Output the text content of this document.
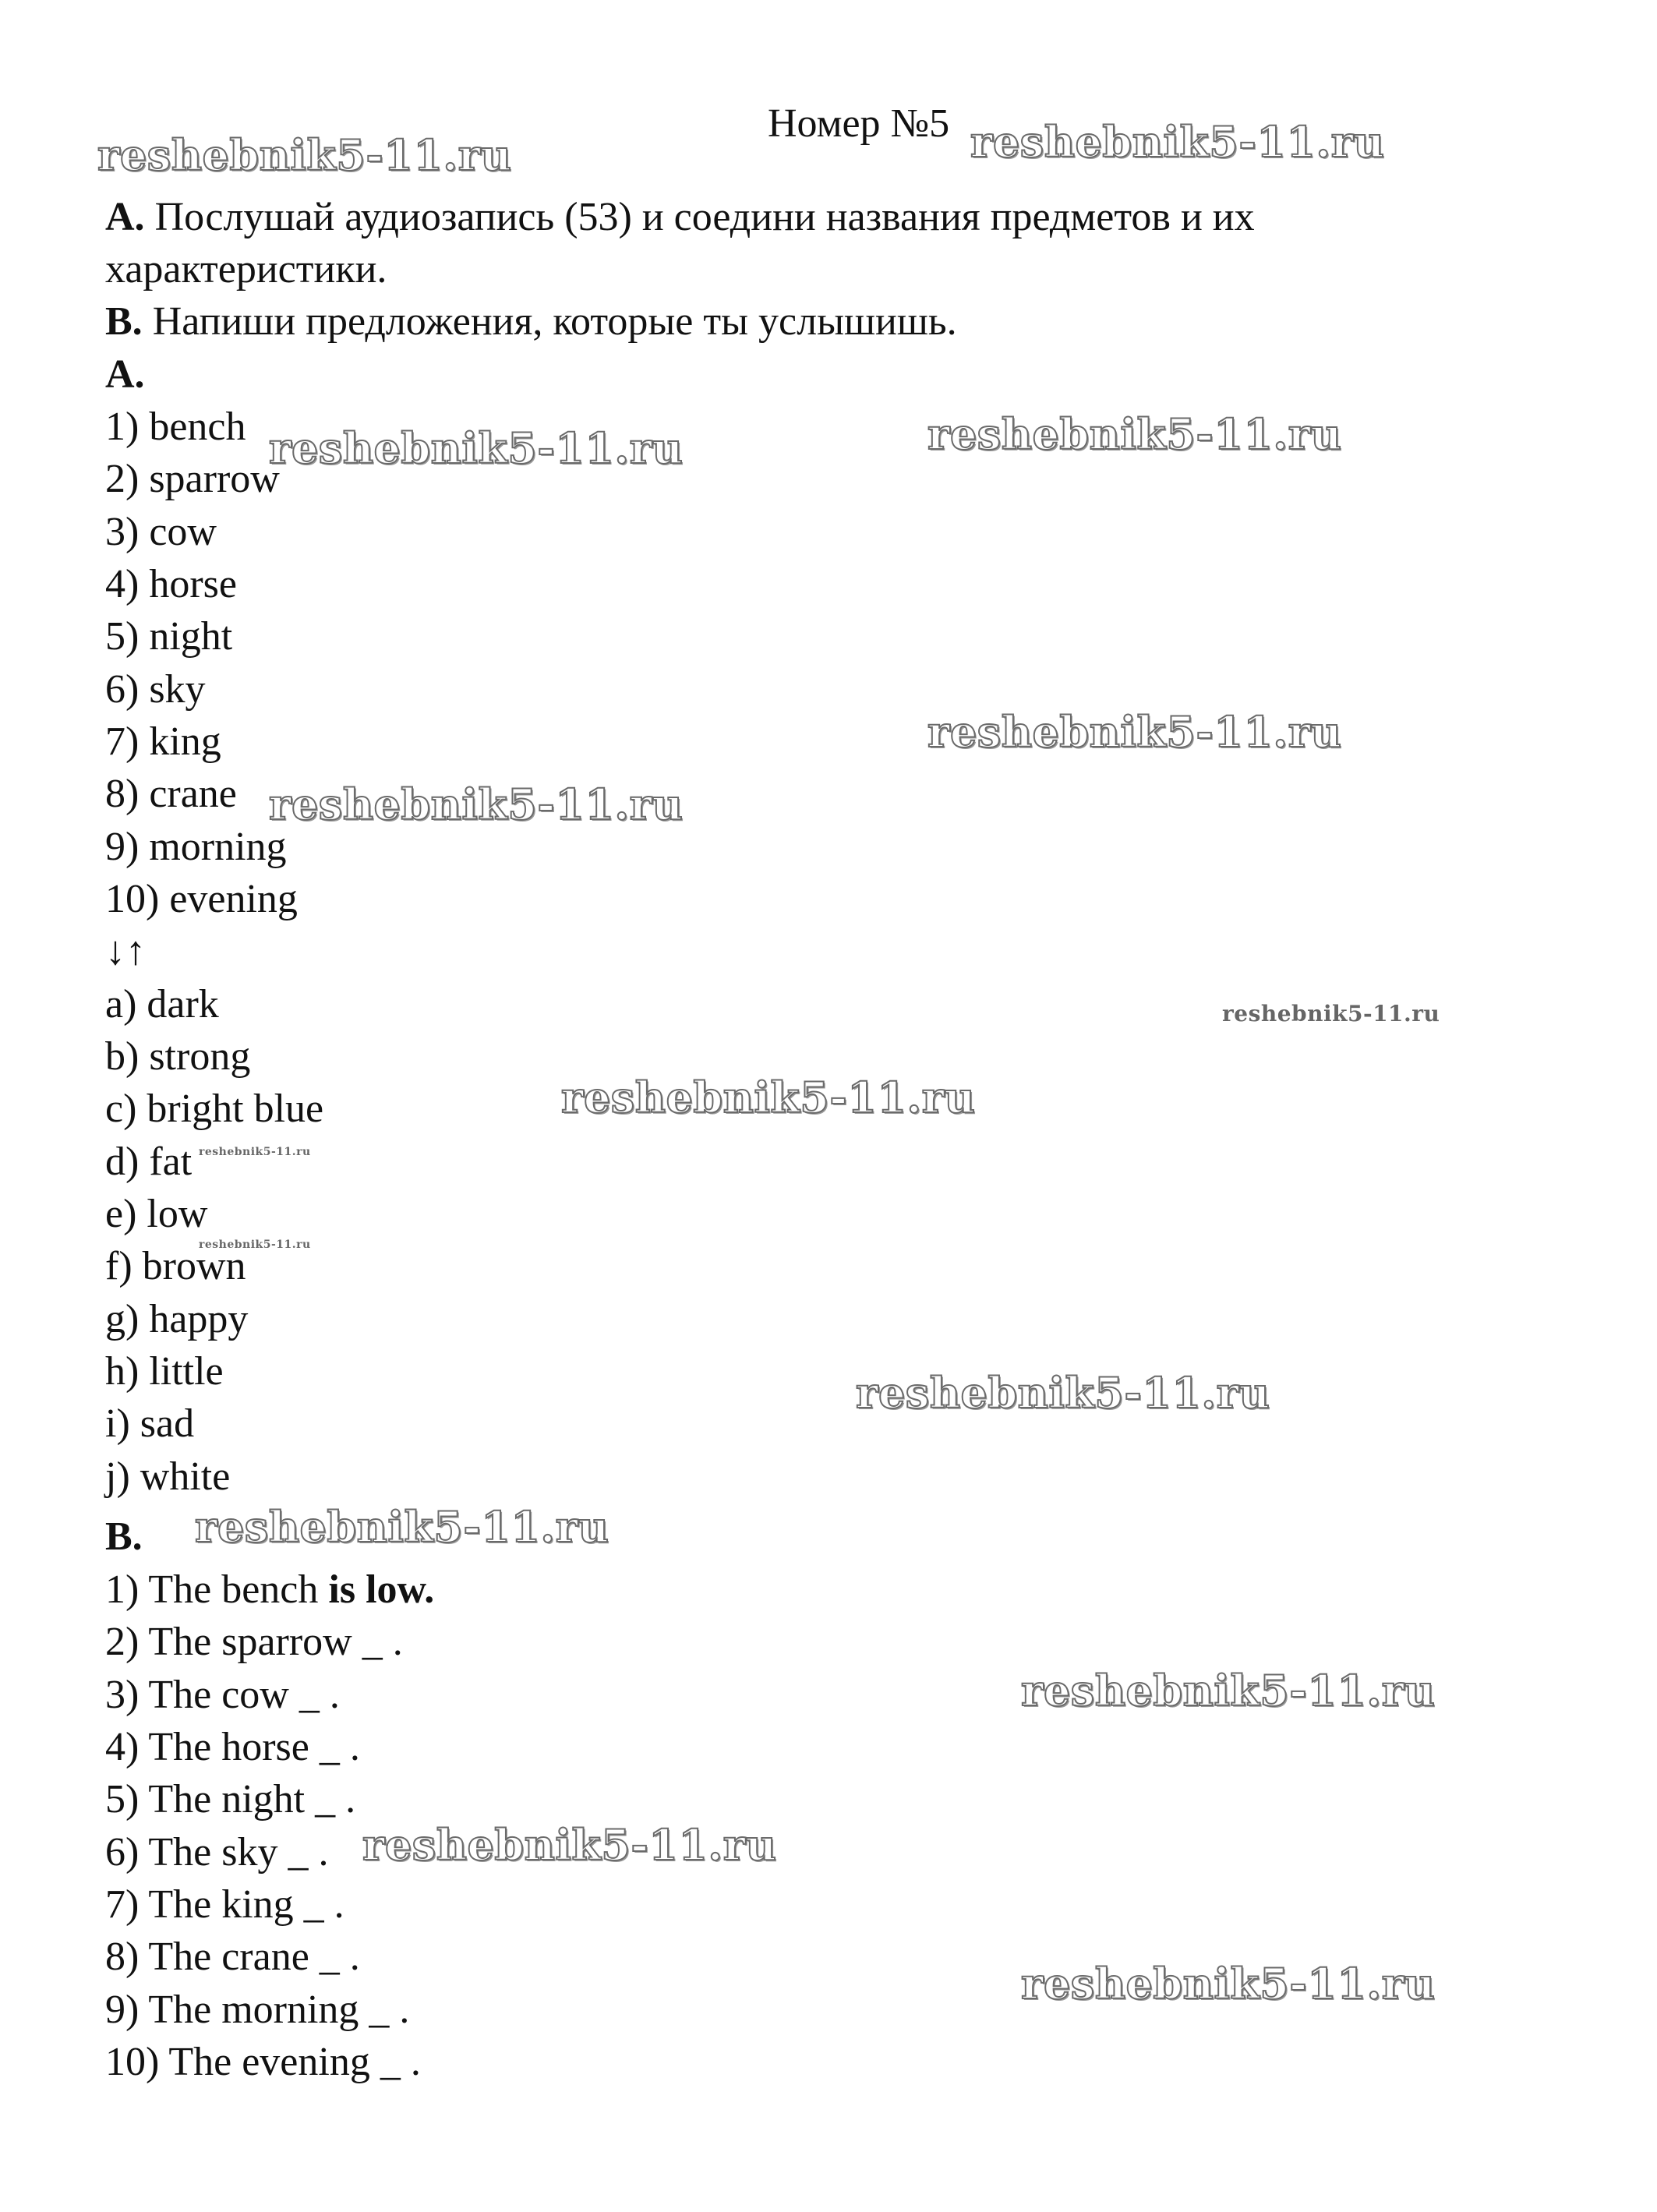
Номер №5
A. Послушай аудиозапись (53) и соедини названия предметов и их
характеристики.
B. Напиши предложения, которые ты услышишь.
A.
1) bench
2) sparrow
3) cow
4) horse
5) night
6) sky
7) king
8) crane
9) morning
10) evening
↓↑
a) dark
b) strong
c) bright blue
d) fat
e) low
f) brown
g) happy
h) little
i) sad
j) white
B.
1) The bench is low.
2) The sparrow _ .
3) The cow _ .
4) The horse _ .
5) The night _ .
6) The sky _ .
7) The king _ .
8) The crane _ .
9) The morning _ .
10) The evening _ .
reshebnik5-11.ru	reshebnik5-11.ru
reshebnik5-11.ru	reshebnik5-11.ru
reshebnik5-11.ru
reshebnik5-11.ru
reshebnik5-11.ru
reshebnik5-11.ru
reshebnik5-11.ru
reshebnik5-11.ru
reshebnik5-11.ru
reshebnik5-11.ru
reshebnik5-11.ru
reshebnik5-11.ru
reshebnik5-11.ru
